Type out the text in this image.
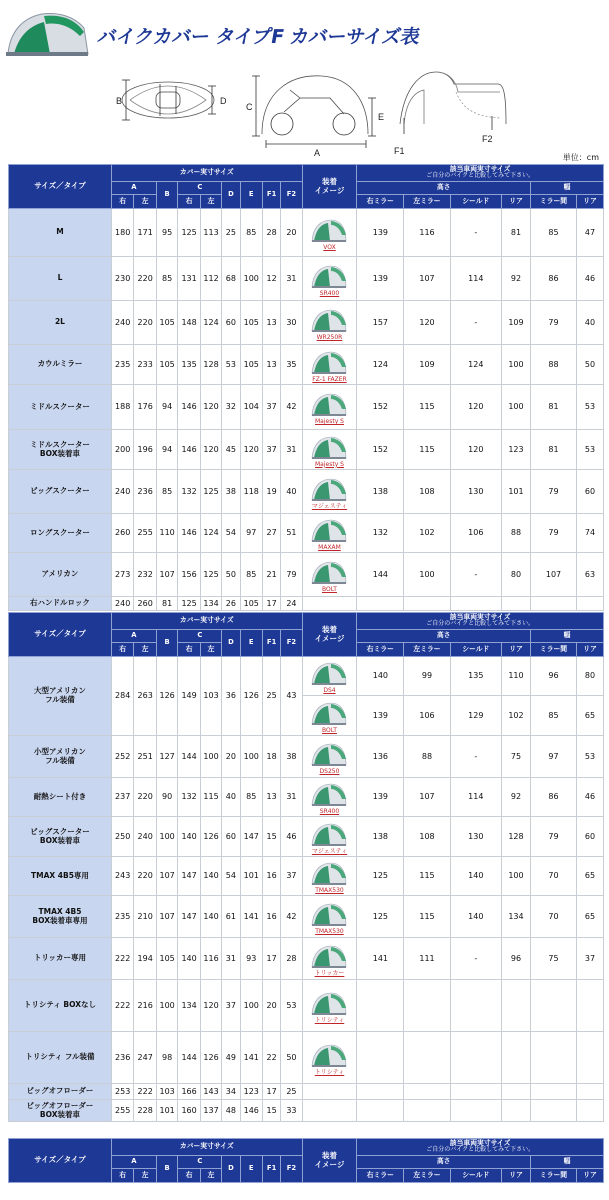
バイクカバー タイプF カバーサイズ表
B	D
C
E
A	F1
F2
単位：cm
サイズ／タイプ	カバー実寸サイズ									装着
イメージ	該当車両実寸サイズ
ご自分のバイクと比較してみて下さい。					

	A		B	C		D	E	F1	F2		高さ				幅	
	右	左		右	左						右ミラー	左ミラー	シールド	リア	ミラー間	リア
M	180	171	95	125	113	25	85	28	20	VOX	139	116	-	81	85	47
L	230	220	85	131	112	68	100	12	31	SR400	139	107	114	92	86	46
2L	240	220	105	148	124	60	105	13	30	WR250R	157	120	-	109	79	40
カウルミラー	235	233	105	135	128	53	105	13	35	FZ-1 FAZER	124	109	124	100	88	50
ミドルスクーター	188	176	94	146	120	32	104	37	42	Majesty S	152	115	120	100	81	53
ミドルスクーター
BOX装着車	200	196	94	146	120	45	120	37	31	Majesty S	152	115	120	123	81	53
ビッグスクーター	240	236	85	132	125	38	118	19	40	マジェスティ	138	108	130	101	79	60
ロングスクーター	260	255	110	146	124	54	97	27	51	MAXAM	132	102	106	88	79	74
アメリカン	273	232	107	156	125	50	85	21	79	BOLT	144	100	-	80	107	63
右ハンドルロック	240	260	81	125	134	26	105	17	24							
サイズ／タイプ	カバー実寸サイズ									装着
イメージ	該当車両実寸サイズ
ご自分のバイクと比較してみて下さい。					

	A		B	C		D	E	F1	F2		高さ				幅	
	右	左		右	左						右ミラー	左ミラー	シールド	リア	ミラー間	リア
大型アメリカン
フル装備	284	263	126	149	103	36	126	25	43	DS4	140	99	135	110	96	80

										BOLT	139	106	129	102	85	65
小型アメリカン
フル装備	252	251	127	144	100	20	100	18	38	DS250	136	88	-	75	97	53
耐熱シート付き	237	220	90	132	115	40	85	13	31	SR400	139	107	114	92	86	46
ビッグスクーター
BOX装着車	250	240	100	140	126	60	147	15	46	マジェスティ	138	108	130	128	79	60
TMAX 4B5専用	243	220	107	147	140	54	101	16	37	TMAX530	125	115	140	100	70	65
TMAX 4B5
BOX装着車専用	235	210	107	147	140	61	141	16	42	TMAX530	125	115	140	134	70	65
トリッカー専用	222	194	105	140	116	31	93	17	28	トリッカー	141	111	-	96	75	37
トリシティ BOXなし	222	216	100	134	120	37	100	20	53	トリシティ						

トリシティ フル装備	236	247	98	144	126	49	141	22	50	トリシティ						

ビッグオフローダー	253	222	103	166	143	34	123	17	25							
ビッグオフローダー
BOX装着車	255	228	101	160	137	48	146	15	33							
サイズ／タイプ	カバー実寸サイズ									装着
イメージ	該当車両実寸サイズ
ご自分のバイクと比較してみて下さい。					

	A		B	C		D	E	F1	F2		高さ				幅	
	右	左		右	左						右ミラー	左ミラー	シールド	リア	ミラー間	リア
